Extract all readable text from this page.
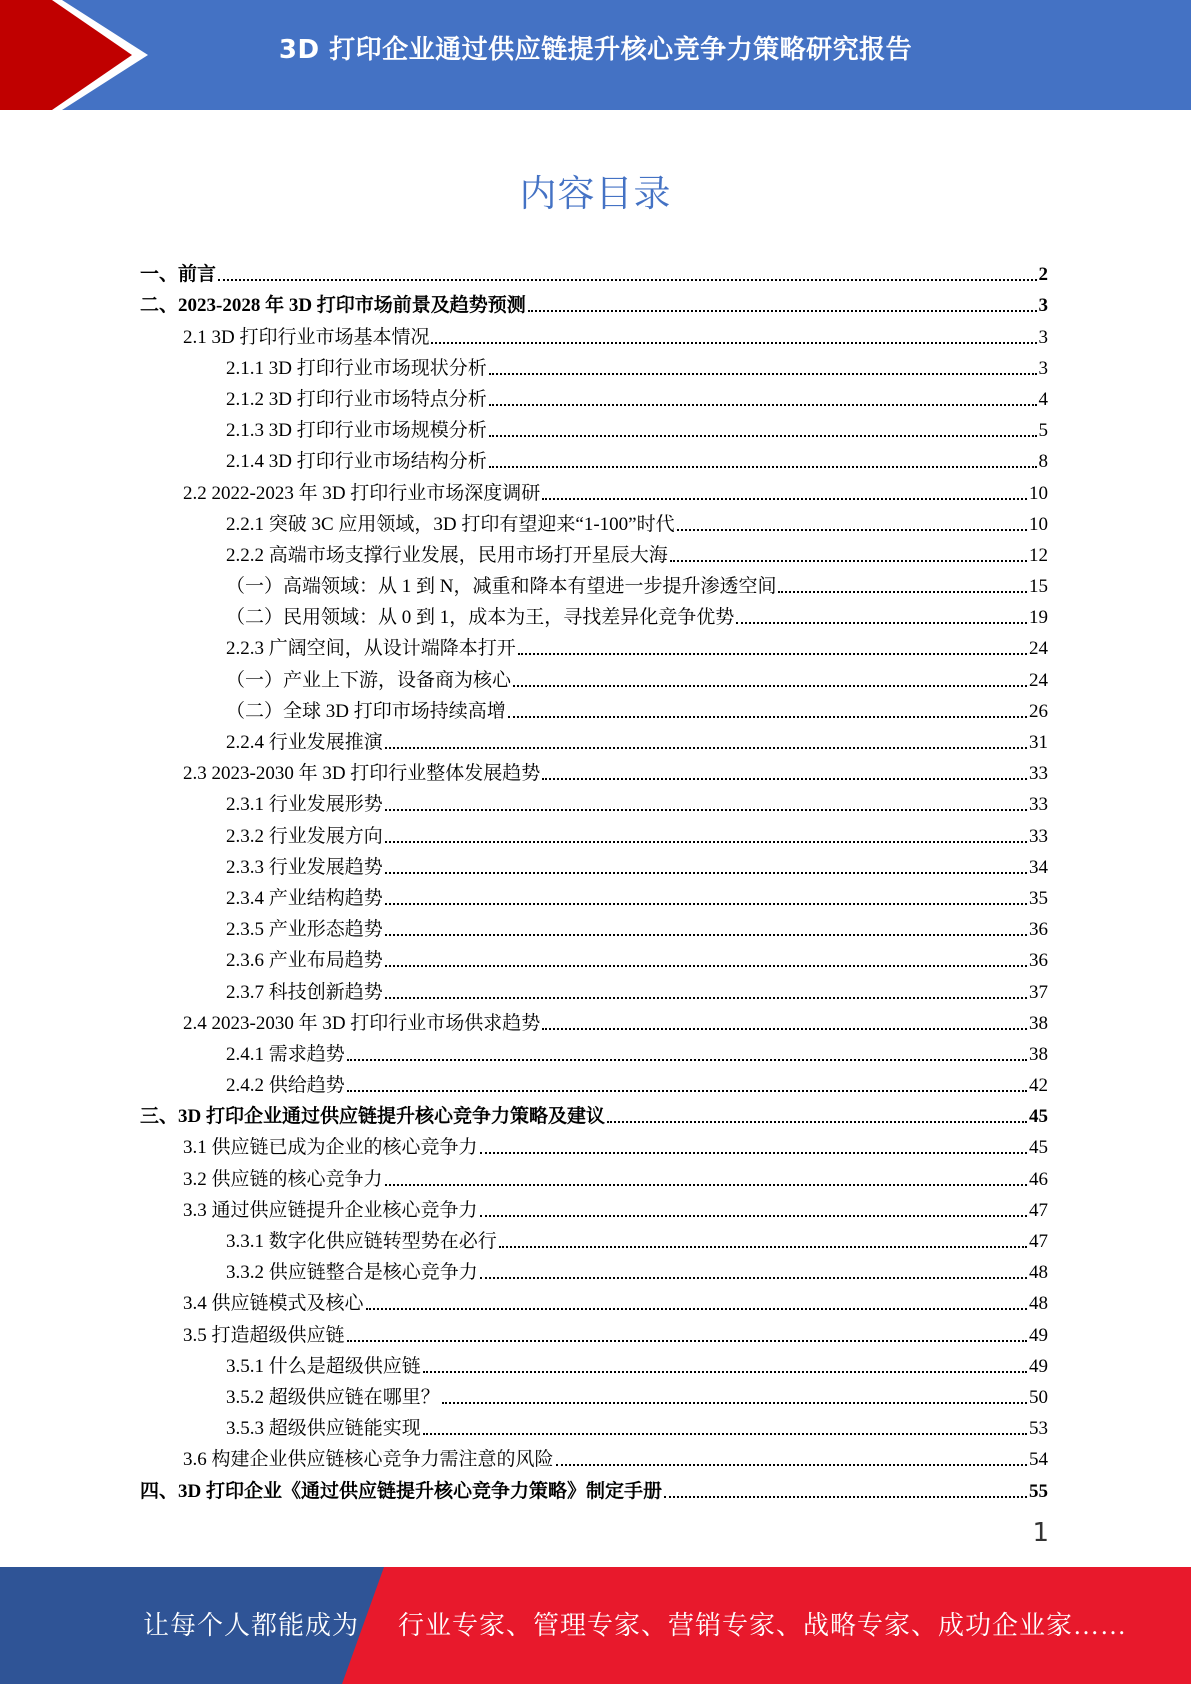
3D 打印企业通过供应链提升核心竞争力策略研究报告
内容目录
一、前言	2
二、2023-2028 年 3D 打印市场前景及趋势预测	3
2.1 3D 打印行业市场基本情况	3
2.1.1 3D 打印行业市场现状分析	3
2.1.2 3D 打印行业市场特点分析	4
2.1.3 3D 打印行业市场规模分析	5
2.1.4 3D 打印行业市场结构分析	8
2.2 2022-2023 年 3D 打印行业市场深度调研	10
2.2.1 突破 3C 应用领域，3D 打印有望迎来“1-100”时代	10
2.2.2 高端市场支撑行业发展，民用市场打开星辰大海	12
（一）高端领域：从 1 到 N，减重和降本有望进一步提升渗透空间	15
（二）民用领域：从 0 到 1，成本为王，寻找差异化竞争优势	19
2.2.3 广阔空间，从设计端降本打开	24
（一）产业上下游，设备商为核心	24
（二）全球 3D 打印市场持续高增	26
2.2.4 行业发展推演	31
2.3 2023-2030 年 3D 打印行业整体发展趋势	33
2.3.1 行业发展形势	33
2.3.2 行业发展方向	33
2.3.3 行业发展趋势	34
2.3.4 产业结构趋势	35
2.3.5 产业形态趋势	36
2.3.6 产业布局趋势	36
2.3.7 科技创新趋势	37
2.4 2023-2030 年 3D 打印行业市场供求趋势	38
2.4.1 需求趋势	38
2.4.2 供给趋势	42
三、3D 打印企业通过供应链提升核心竞争力策略及建议	45
3.1 供应链已成为企业的核心竞争力	45
3.2 供应链的核心竞争力	46
3.3 通过供应链提升企业核心竞争力	47
3.3.1 数字化供应链转型势在必行	47
3.3.2 供应链整合是核心竞争力	48
3.4 供应链模式及核心	48
3.5 打造超级供应链	49
3.5.1 什么是超级供应链	49
3.5.2 超级供应链在哪里？	50
3.5.3 超级供应链能实现	53
3.6 构建企业供应链核心竞争力需注意的风险	54
四、3D 打印企业《通过供应链提升核心竞争力策略》制定手册	55
1
让每个人都能成为 行业专家、管理专家、营销专家、战略专家、成功企业家……
